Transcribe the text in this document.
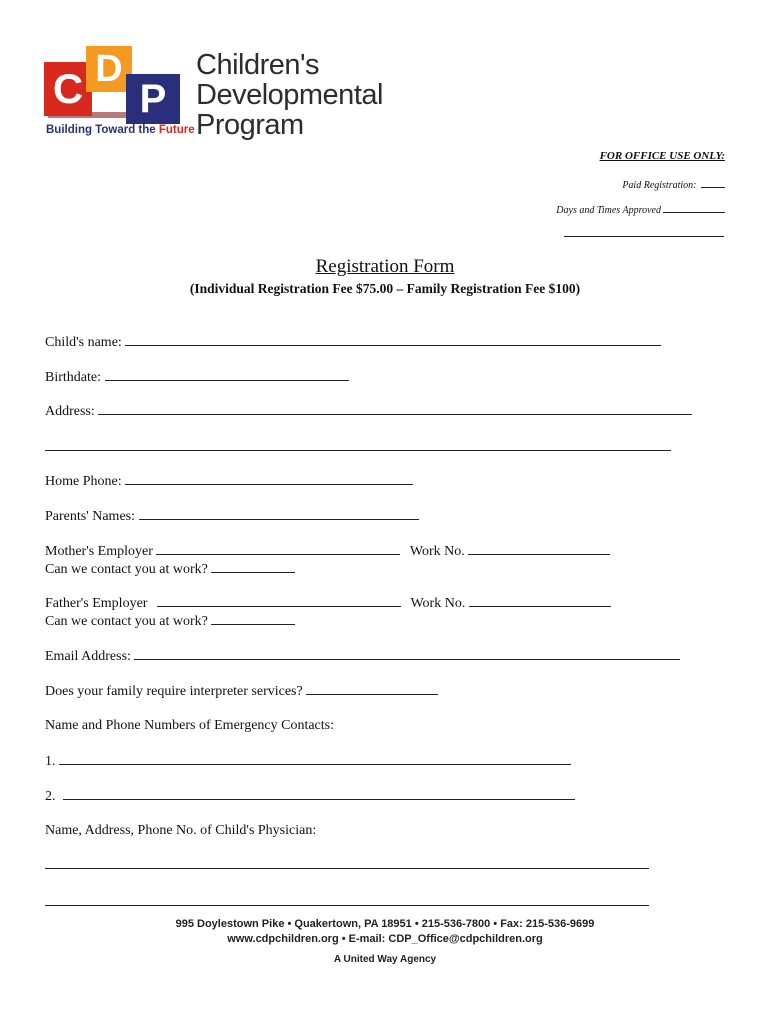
C D
P
Building Toward the Future
Children's
Developmental
Program
FOR OFFICE USE ONLY:
Paid Registration:
Days and Times Approved
Registration Form
(Individual Registration Fee $75.00 – Family Registration Fee $100)
Child's name:
Birthdate:
Address:
Home Phone:
Parents' Names:
Mother's Employer	Work No.
Can we contact you at work?
Father's Employer	Work No.
Can we contact you at work?
Email Address:
Does your family require interpreter services?
Name and Phone Numbers of Emergency Contacts:
1.
2.
Name, Address, Phone No. of Child's Physician:
995 Doylestown Pike • Quakertown, PA 18951 • 215-536-7800 • Fax: 215-536-9699
www.cdpchildren.org • E-mail: CDP_Office@cdpchildren.org
A United Way Agency
